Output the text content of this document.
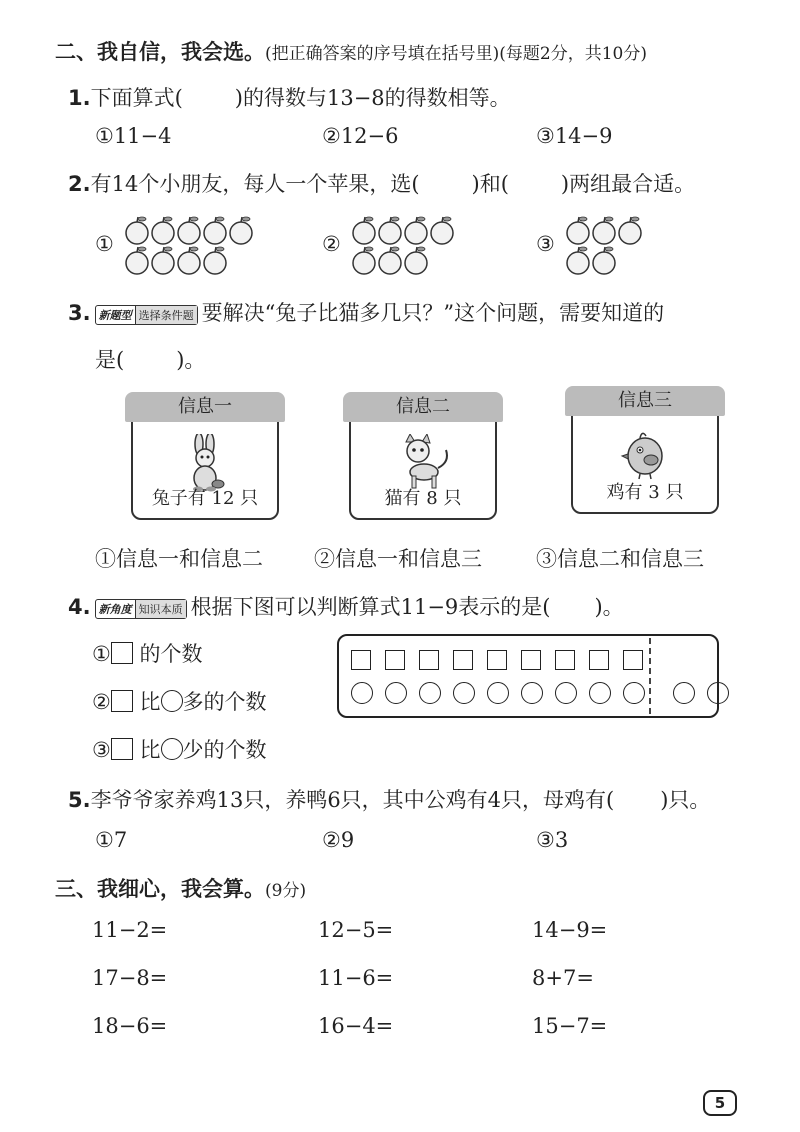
二、我自信，我会选。(把正确答案的序号填在括号里)(每题2分，共10分)
1.下面算式( )的得数与13−8的得数相等。
①11−4	②12−6	③14−9
2.有14个小朋友，每人一个苹果，选( )和( )两组最合适。
①	②	③
3. 新题型 选择条件题 要解决“兔子比猫多几只？”这个问题，需要知道的
是( )。
信息一
兔子有 12 只
信息二
猫有 8 只
信息三
鸡有 3 只
①信息一和信息二 ②信息一和信息三	③信息二和信息三
4. 新角度 知识本质 根据下图可以判断算式11−9表示的是( )。
① 的个数
② 比 多的个数
③ 比 少的个数
5.李爷爷家养鸡13只，养鸭6只，其中公鸡有4只，母鸡有( )只。
①7	②9	③3
三、我细心，我会算。(9分)
11−2=	12−5=	14−9=
17−8=	11−6=	8+7=
18−6=	16−4=	15−7=
5
